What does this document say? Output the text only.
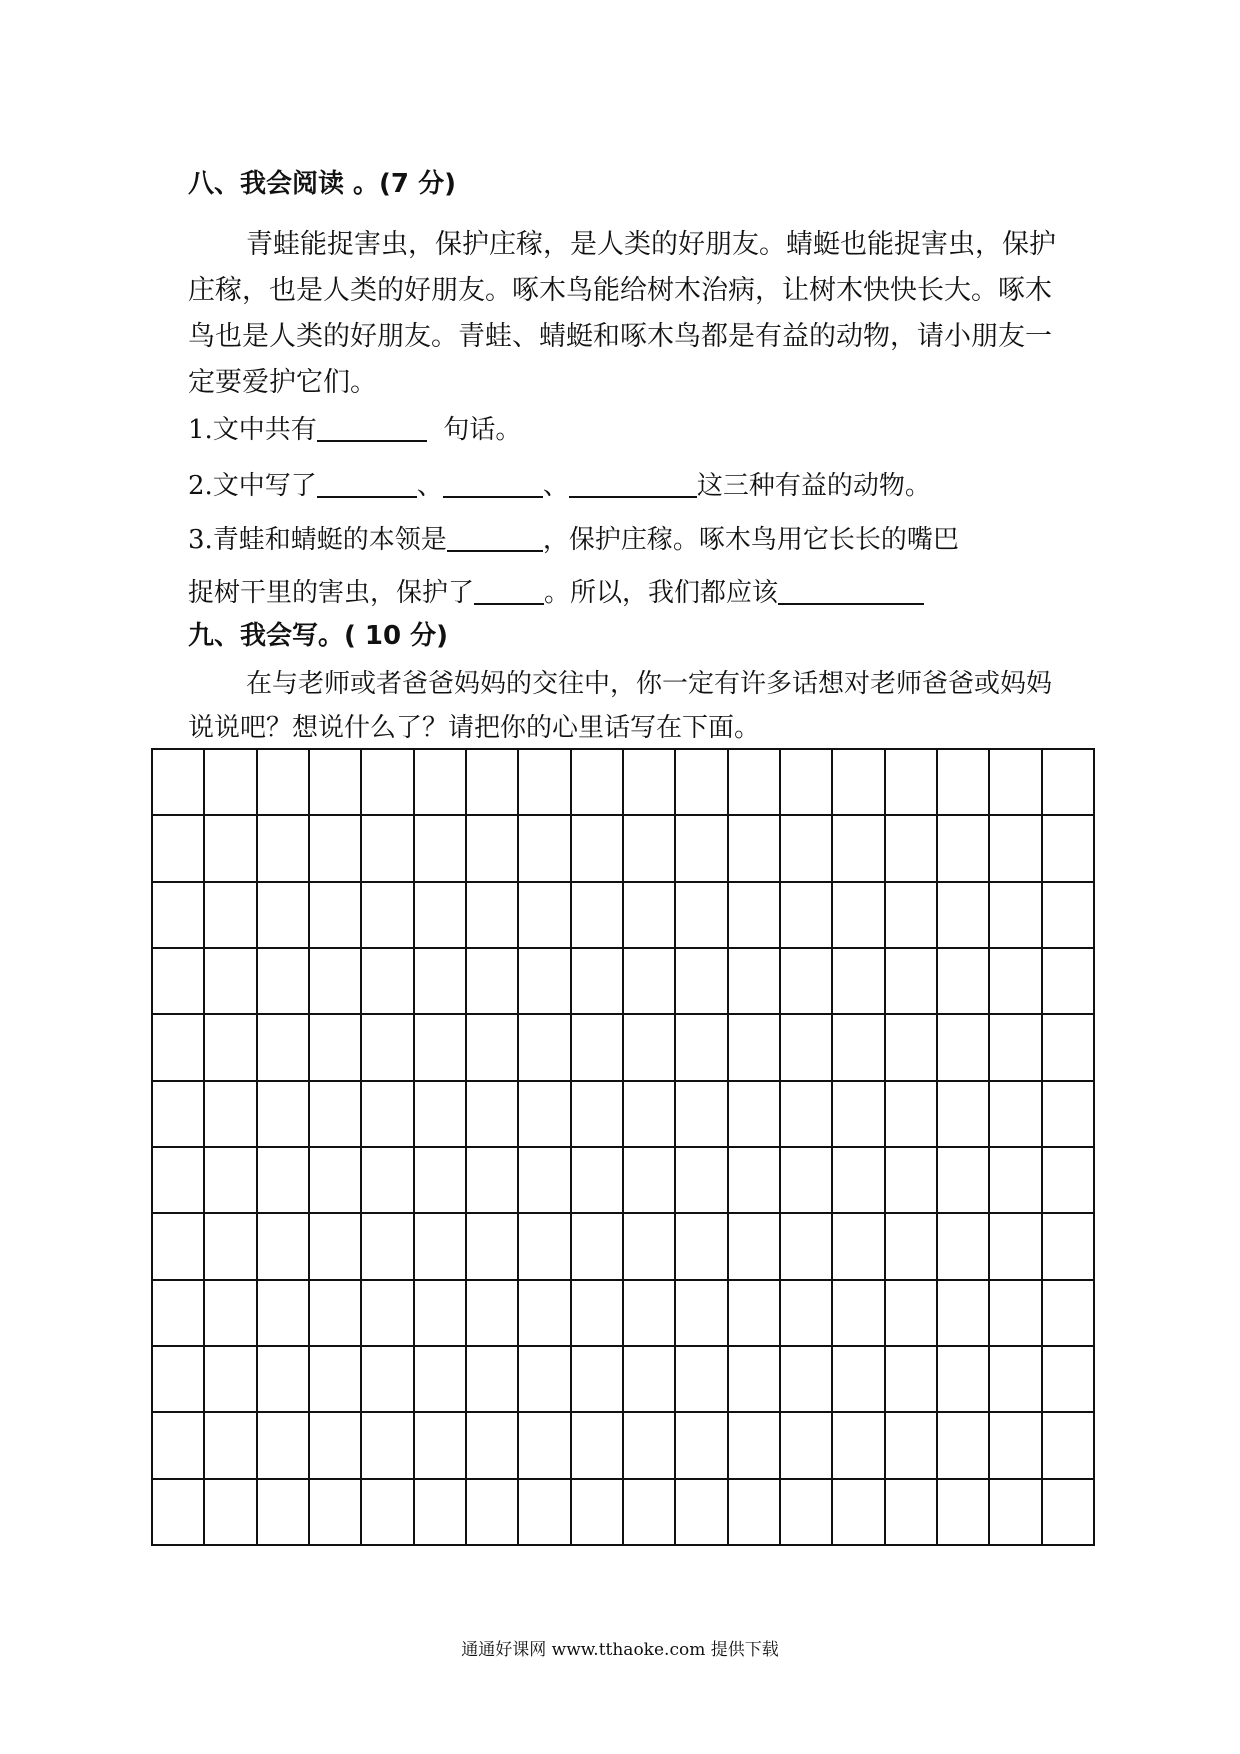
八、我会阅读 。(7 分)

青蛙能捉害虫，保护庄稼，是人类的好朋友。蜻蜓也能捉害虫，保护庄稼，也是人类的好朋友。啄木鸟能给树木治病，让树木快快长大。啄木鸟也是人类的好朋友。青蛙、蜻蜓和啄木鸟都是有益的动物，请小朋友一定要爱护它们。

1.文中共有	句话。
2.文中写了	、	、	这三种有益的动物。
3.青蛙和蜻蜓的本领是	，保护庄稼。啄木鸟用它长长的嘴巴
捉树干里的害虫，保护了	。所以，我们都应该
九、我会写。( 10 分)

在与老师或者爸爸妈妈的交往中，你一定有许多话想对老师爸爸或妈妈说说吧？想说什么了？请把你的心里话写在下面。

通通好课网 www.tthaoke.com 提供下载
